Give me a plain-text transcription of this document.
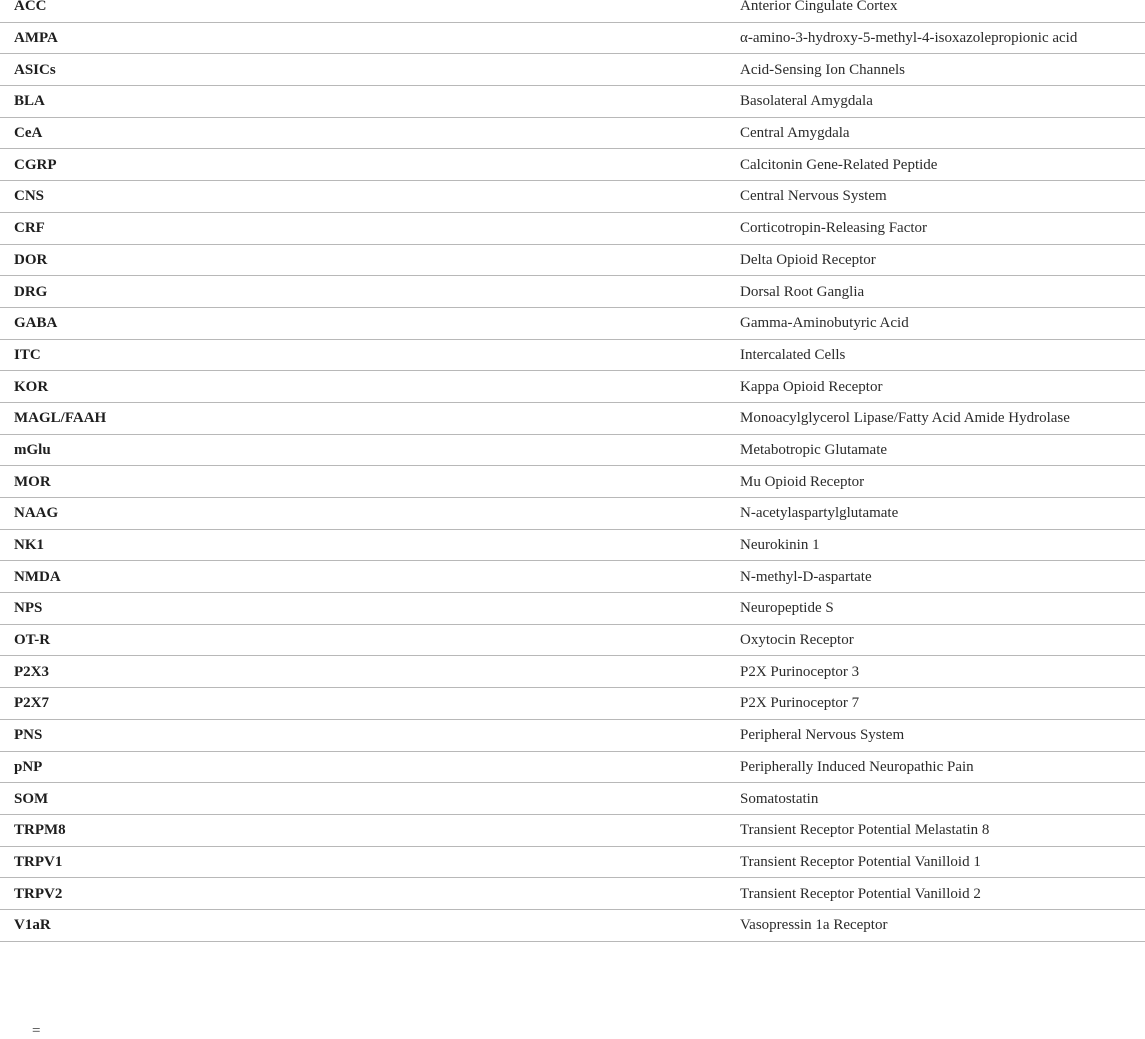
ACC	Anterior Cingulate Cortex
AMPA	α-amino-3-hydroxy-5-methyl-4-isoxazolepropionic acid
ASICs	Acid-Sensing Ion Channels
BLA	Basolateral Amygdala
CeA	Central Amygdala
CGRP	Calcitonin Gene-Related Peptide
CNS	Central Nervous System
CRF	Corticotropin-Releasing Factor
DOR	Delta Opioid Receptor
DRG	Dorsal Root Ganglia
GABA	Gamma-Aminobutyric Acid
ITC	Intercalated Cells
KOR	Kappa Opioid Receptor
MAGL/FAAH	Monoacylglycerol Lipase/Fatty Acid Amide Hydrolase
mGlu	Metabotropic Glutamate
MOR	Mu Opioid Receptor
NAAG	N-acetylaspartylglutamate
NK1	Neurokinin 1
NMDA	N-methyl-D-aspartate
NPS	Neuropeptide S
OT-R	Oxytocin Receptor
P2X3	P2X Purinoceptor 3
P2X7	P2X Purinoceptor 7
PNS	Peripheral Nervous System
pNP	Peripherally Induced Neuropathic Pain
SOM	Somatostatin
TRPM8	Transient Receptor Potential Melastatin 8
TRPV1	Transient Receptor Potential Vanilloid 1
TRPV2	Transient Receptor Potential Vanilloid 2
V1aR	Vasopressin 1a Receptor
=
